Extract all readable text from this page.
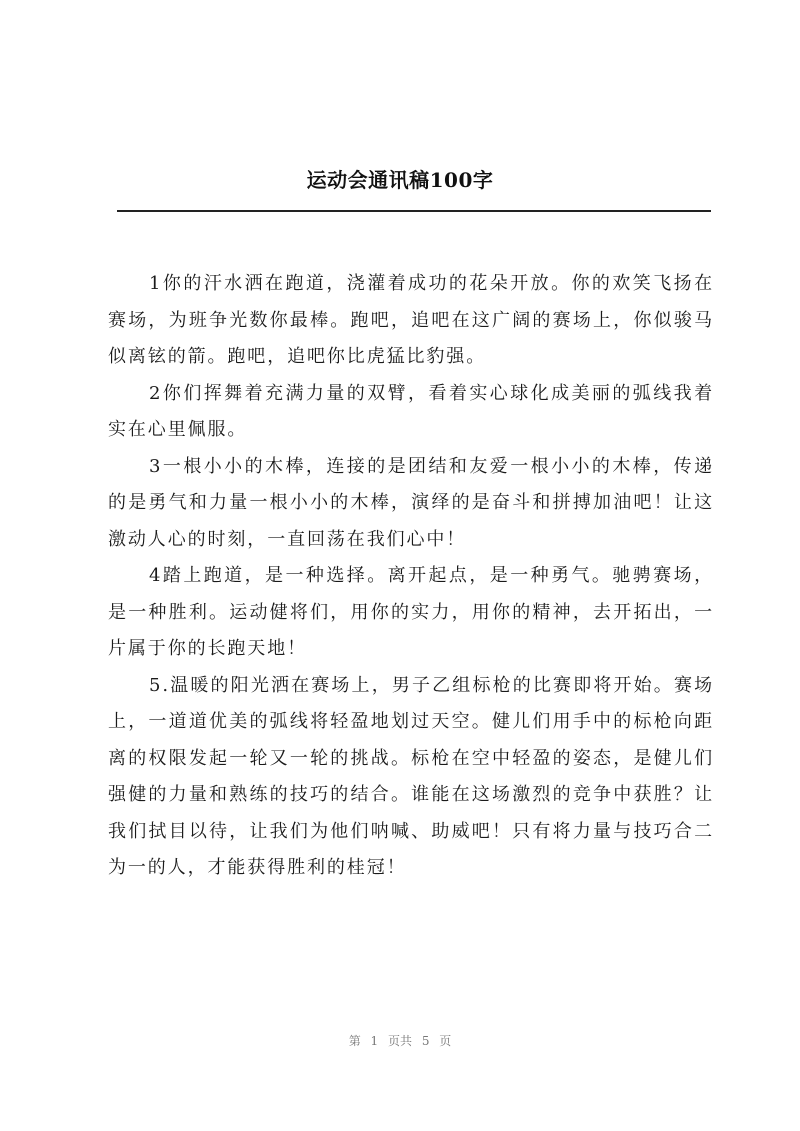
运动会通讯稿100字

1你的汗水洒在跑道，浇灌着成功的花朵开放。你的欢笑飞扬在赛场，为班争光数你最棒。跑吧，追吧在这广阔的赛场上，你似骏马似离铉的箭。跑吧，追吧你比虎猛比豹强。

2你们挥舞着充满力量的双臂，看着实心球化成美丽的弧线我着实在心里佩服。

3一根小小的木棒，连接的是团结和友爱一根小小的木棒，传递的是勇气和力量一根小小的木棒，演绎的是奋斗和拼搏加油吧！让这激动人心的时刻，一直回荡在我们心中！

4踏上跑道，是一种选择。离开起点，是一种勇气。驰骋赛场，是一种胜利。运动健将们，用你的实力，用你的精神，去开拓出，一片属于你的长跑天地！

5.温暖的阳光洒在赛场上，男子乙组标枪的比赛即将开始。赛场上，一道道优美的弧线将轻盈地划过天空。健儿们用手中的标枪向距离的权限发起一轮又一轮的挑战。标枪在空中轻盈的姿态，是健儿们强健的力量和熟练的技巧的结合。谁能在这场激烈的竞争中获胜？让我们拭目以待，让我们为他们呐喊、助威吧！只有将力量与技巧合二为一的人，才能获得胜利的桂冠！

第 1 页共 5 页
